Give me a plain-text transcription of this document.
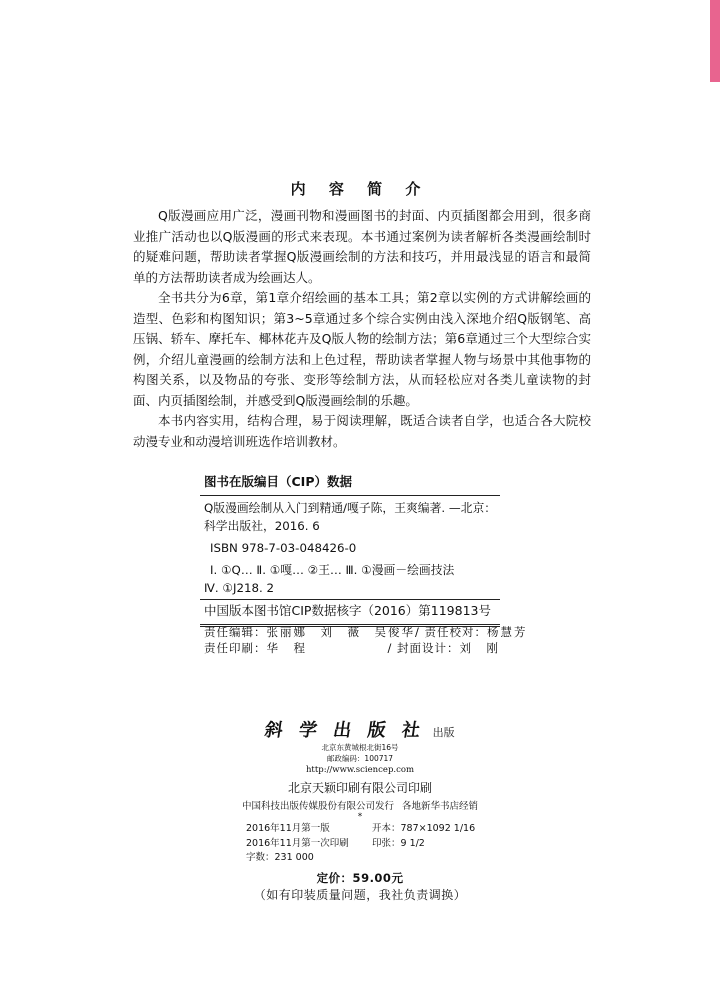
内 容 简 介

Q版漫画应用广泛，漫画刊物和漫画图书的封面、内页插图都会用到，很多商业推广活动也以Q版漫画的形式来表现。本书通过案例为读者解析各类漫画绘制时的疑难问题，帮助读者掌握Q版漫画绘制的方法和技巧，并用最浅显的语言和最简单的方法帮助读者成为绘画达人。

全书共分为6章，第1章介绍绘画的基本工具；第2章以实例的方式讲解绘画的造型、色彩和构图知识；第3~5章通过多个综合实例由浅入深地介绍Q版钢笔、高压锅、轿车、摩托车、椰林花卉及Q版人物的绘制方法；第6章通过三个大型综合实例，介绍儿童漫画的绘制方法和上色过程，帮助读者掌握人物与场景中其他事物的构图关系，以及物品的夸张、变形等绘制方法，从而轻松应对各类儿童读物的封面、内页插图绘制，并感受到Q版漫画绘制的乐趣。

本书内容实用，结构合理，易于阅读理解，既适合读者自学，也适合各大院校动漫专业和动漫培训班选作培训教材。

图书在版编目（CIP）数据
Q版漫画绘制从入门到精通/嘎子陈，王爽编著. —北京：
科学出版社，2016. 6
ISBN 978-7-03-048426-0
Ⅰ. ①Q… Ⅱ. ①嘎… ②王… Ⅲ. ①漫画－绘画技法
Ⅳ. ①J218. 2
中国版本图书馆CIP数据核字（2016）第119813号
责任编辑：张丽娜　刘　薇　吴俊华 / 责任校对：杨慧芳
责任印刷：华　程	/ 封面设计：刘　刚
斜 学 出 版 社 出版
北京东黄城根北街16号
邮政编码：100717
http://www.sciencep.com
北京天颖印刷有限公司印刷
中国科技出版传媒股份有限公司发行 各地新华书店经销
*
2016年11月第一版	开本：787×1092 1/16
2016年11月第一次印刷	印张：9 1/2
字数：231 000
定价：59.00元
（如有印装质量问题，我社负责调换）
